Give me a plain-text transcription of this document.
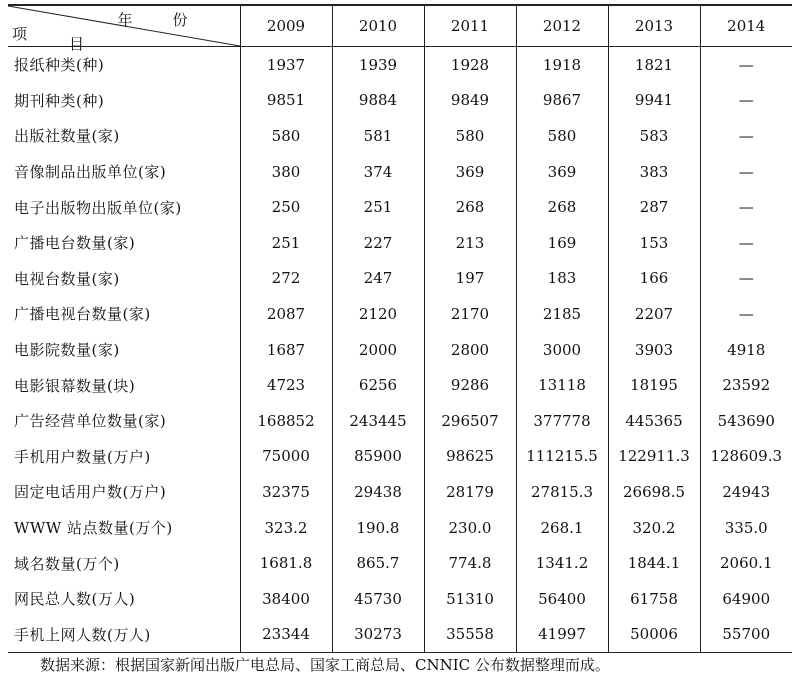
年份
项目	2009	2010	2011	2012	2013	2014
报纸种类(种)	1937	1939	1928	1918	1821	—
期刊种类(种)	9851	9884	9849	9867	9941	—
出版社数量(家)	580	581	580	580	583	—
音像制品出版单位(家)	380	374	369	369	383	—
电子出版物出版单位(家)	250	251	268	268	287	—
广播电台数量(家)	251	227	213	169	153	—
电视台数量(家)	272	247	197	183	166	—
广播电视台数量(家)	2087	2120	2170	2185	2207	—
电影院数量(家)	1687	2000	2800	3000	3903	4918
电影银幕数量(块)	4723	6256	9286	13118	18195	23592
广告经营单位数量(家)	168852	243445	296507	377778	445365	543690
手机用户数量(万户)	75000	85900	98625	111215.5	122911.3	128609.3
固定电话用户数(万户)	32375	29438	28179	27815.3	26698.5	24943
WWW 站点数量(万个)	323.2	190.8	230.0	268.1	320.2	335.0
域名数量(万个)	1681.8	865.7	774.8	1341.2	1844.1	2060.1
网民总人数(万人)	38400	45730	51310	56400	61758	64900
手机上网人数(万人)	23344	30273	35558	41997	50006	55700
数据来源：根据国家新闻出版广电总局、国家工商总局、CNNIC 公布数据整理而成。
